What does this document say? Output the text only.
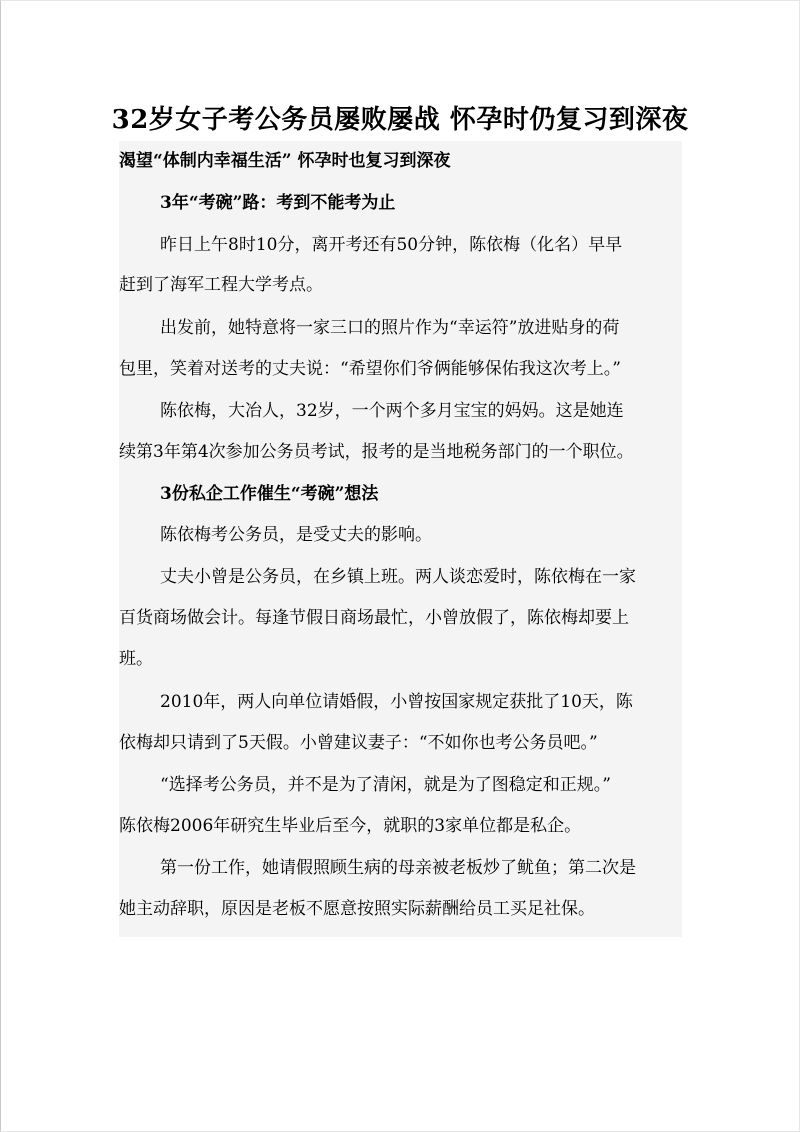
32岁女子考公务员屡败屡战 怀孕时仍复习到深夜
渴望“体制内幸福生活” 怀孕时也复习到深夜
3年“考碗”路：考到不能考为止
昨日上午8时10分，离开考还有50分钟，陈依梅（化名）早早
赶到了海军工程大学考点。
出发前，她特意将一家三口的照片作为“幸运符”放进贴身的荷
包里，笑着对送考的丈夫说：“希望你们爷俩能够保佑我这次考上。”
陈依梅，大冶人，32岁，一个两个多月宝宝的妈妈。这是她连
续第3年第4次参加公务员考试，报考的是当地税务部门的一个职位。
3份私企工作催生“考碗”想法
陈依梅考公务员，是受丈夫的影响。
丈夫小曾是公务员，在乡镇上班。两人谈恋爱时，陈依梅在一家
百货商场做会计。每逢节假日商场最忙，小曾放假了，陈依梅却要上
班。
2010年，两人向单位请婚假，小曾按国家规定获批了10天，陈
依梅却只请到了5天假。小曾建议妻子：“不如你也考公务员吧。”
“选择考公务员，并不是为了清闲，就是为了图稳定和正规。”
陈依梅2006年研究生毕业后至今，就职的3家单位都是私企。
第一份工作，她请假照顾生病的母亲被老板炒了鱿鱼；第二次是
她主动辞职，原因是老板不愿意按照实际薪酬给员工买足社保。
